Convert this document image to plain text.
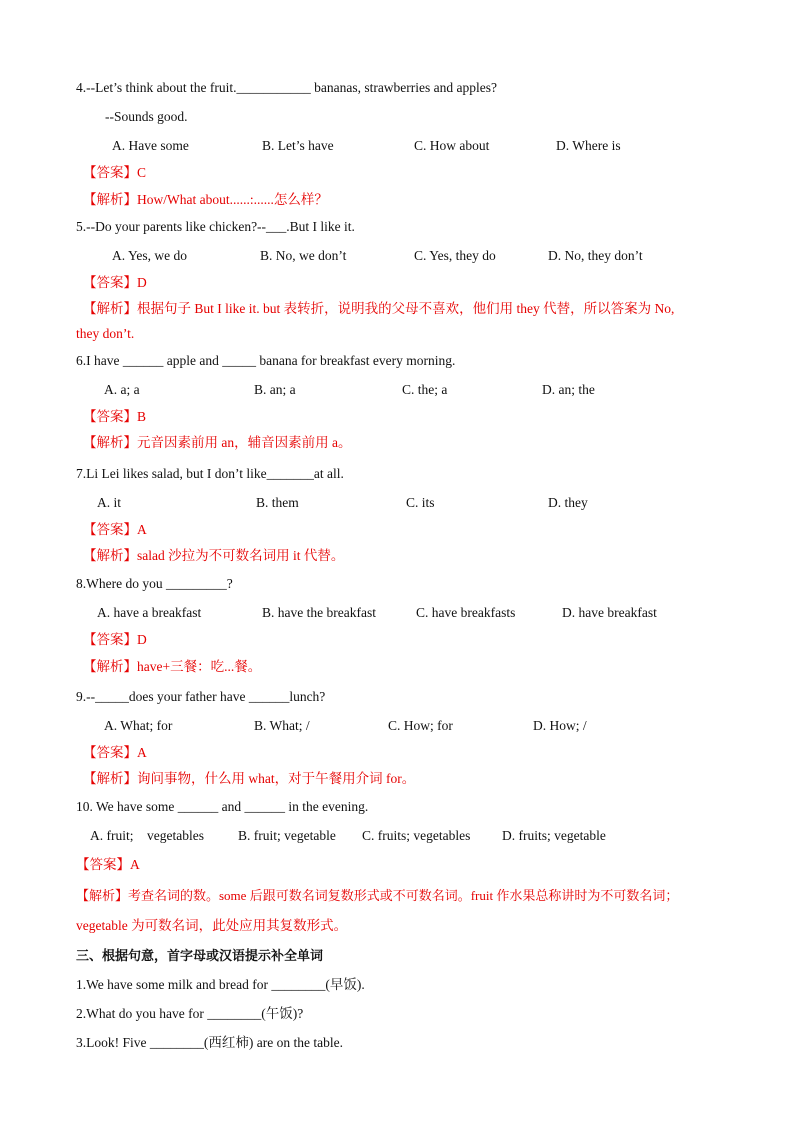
4.--Let’s think about the fruit.___________ bananas, strawberries and apples?
--Sounds good.
A. Have some	B. Let’s have	C. How about	D. Where is
【答案】C
【解析】How/What about......:......怎么样？
5.--Do your parents like chicken?--___.But I like it.
A. Yes, we do	B. No, we don’t	C. Yes, they do	D. No, they don’t
【答案】D
【解析】根据句子 But I like it. but 表转折，说明我的父母不喜欢，他们用 they 代替，所以答案为 No,
they don’t.
6.I have ______ apple and _____ banana for breakfast every morning.
A. a; a	B. an; a	C. the; a	D. an; the
【答案】B
【解析】元音因素前用 an，辅音因素前用 a。
7.Li Lei likes salad, but I don’t like_______at all.
A. it	B. them	C. its	D. they
【答案】A
【解析】salad 沙拉为不可数名词用 it 代替。
8.Where do you _________?
A. have a breakfast	B. have the breakfast	C. have breakfasts	D. have breakfast
【答案】D
【解析】have+三餐：吃...餐。
9.--_____does your father have ______lunch?
A. What; for	B. What; /	C. How; for	D. How; /
【答案】A
【解析】询问事物，什么用 what，对于午餐用介词 for。
10. We have some ______ and ______ in the evening.
A. fruit;    vegetables	B. fruit; vegetable C. fruits; vegetables D. fruits; vegetable
【答案】A
【解析】考查名词的数。some 后跟可数名词复数形式或不可数名词。fruit 作水果总称讲时为不可数名词；
vegetable 为可数名词，此处应用其复数形式。
三、根据句意，首字母或汉语提示补全单词
1.We have some milk and bread for ________(早饭).
2.What do you have for ________(午饭)?
3.Look! Five ________(西红柿) are on the table.
